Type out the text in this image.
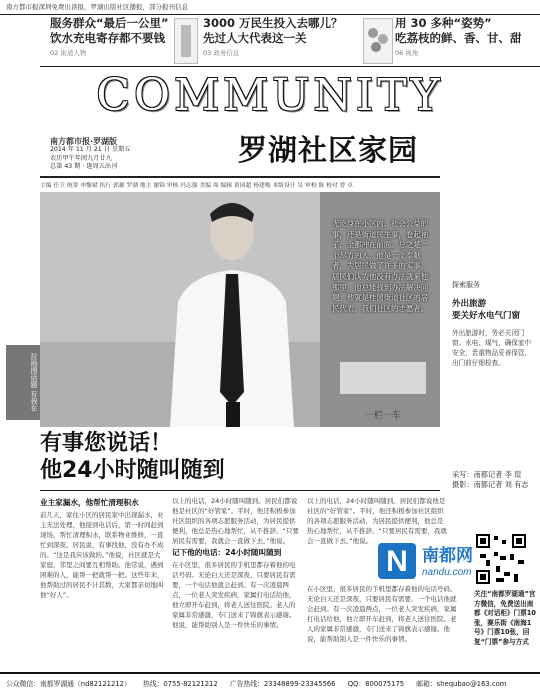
南方都市报深圳免费出读报，罗湖出版社区播报，部分报刊信息
服务群众“最后一公里”
饮水充电寄存都不要钱
02 街道人物
3000 万民生投入去哪儿？
先过人大代表这一关
03 政务信息
用 30 多种“姿势”
吃荔枝的鲜、香、甘、甜
06 视角
COMMUNITY
南方都市报·罗湖版
2014 年 11 月 21 日 星期五
农历甲午年闰九月廿九
总第 43 期 · 逢周五出刊	罗湖社区家园
主编 任卫 统筹 申黎斌 执行 郭雄 罗湖 地主 谢锦 审核 冯志强 美编 周 编辑 黄国超 杨建梅 本版设计 吴 审校 陈 校对 曾 卓
无论身在小区内、社会公益的事，还是街道民生事，卷起袖子，全都冲在前面。总之是一个尽力的人，他是一个奉献者，为居民做了许多的实事，居民们认为他没有办法就来他那里，他总能找到办法解决问题。他就是桂园街道社区的居民代表、我们社区的志愿者。
一栏一车
拉地图话题 有我在
有事您说话！
他24小时随叫随到
探索服务
外出旅游
要关好水电气门窗
外出旅游时，务必关闭门窗、水电、煤气，确保家中安全，贵重物品妥善保管，出门前仔细检查。
采写：南都记者 李 瑄
摄影：南都记者 刘 有志
业主家漏水，他帮忙清理积水
前几天，家住小区的居民家中出现漏水，业主无法处理，他接到电话后，第一时间赶到现场，帮忙清理积水，联系物业维修，一直忙到深夜。居民说，有事找他，没有办不成的。“这是我应该做的。”他说，社区就是大家庭，邻里之间要互相帮助。他常说，遇到困难的人，能帮一把就帮一把。这些年来，他帮助过的居民不计其数，大家都亲切地叫他“好人”。
以上的电话，24小时随叫随到。居民们都说他是社区的“好管家”。平时，他还积极参加社区组织的各项志愿服务活动，为居民提供便利，他总是热心地帮忙，从不推辞。“只要居民有需要，我就会一直做下去。”他说。
记下他的电话：24小时随叫随到
在小区里，很多居民的手机里都存着他的电话号码。无论白天还是深夜，只要居民有需要，一个电话他就会赶到。有一次凌晨两点，一位老人突发疾病，家属打电话给他，他立即开车赶到，将老人送往医院。老人的家属非常感激，专门送来了锦旗表示感谢。他说，能帮助别人是一件快乐的事情。
以上的电话，24小时随叫随到。居民们都说他是社区的“好管家”。平时，他还积极参加社区组织的各项志愿服务活动，为居民提供便利，他总是热心地帮忙，从不推辞。“只要居民有需要，我就会一直做下去。”他说。
在小区里，很多居民的手机里都存着他的电话号码。无论白天还是深夜，只要居民有需要，一个电话他就会赶到。有一次凌晨两点，一位老人突发疾病，家属打电话给他，他立即开车赶到，将老人送往医院。老人的家属非常感激，专门送来了锦旗表示感谢。他说，能帮助别人是一件快乐的事情。
N 南都网
nandu.com
关注“南都罗湖通”官方微信，免费送出南都《对话柜》门票10张，赛乐街《南海1号》门票10张，回复“门票”参与方式
公众微信：南都罗湖通（nd82121212） 热线：0755-82121212 广告热线：23348899-23345566 QQ：800075175 邮箱：shequbao@163.com
